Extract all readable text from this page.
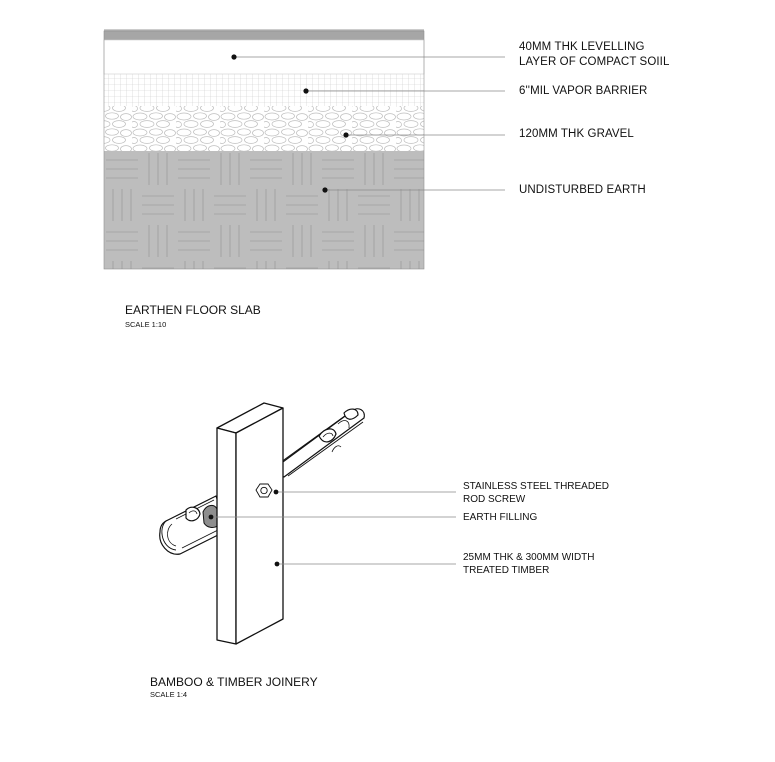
40MM THK LEVELLING
LAYER OF COMPACT SOIIL
6''MIL VAPOR BARRIER
120MM THK GRAVEL
UNDISTURBED EARTH
EARTHEN FLOOR SLAB
SCALE 1:10
STAINLESS STEEL THREADED
ROD SCREW
EARTH FILLING
25MM THK & 300MM WIDTH
TREATED TIMBER
BAMBOO & TIMBER JOINERY
SCALE 1:4
